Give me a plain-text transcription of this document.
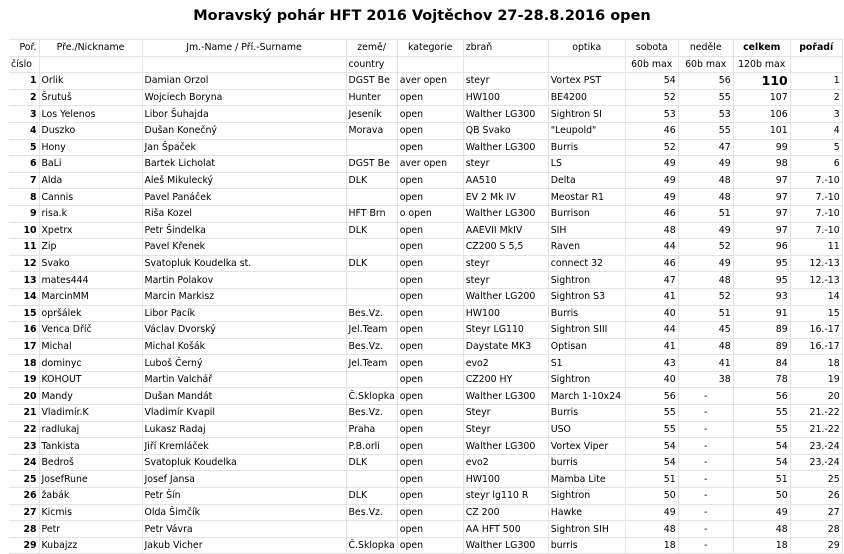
Moravský pohár HFT 2016 Vojtěchov 27-28.8.2016 open
Poř.	Pře./Nickname	Jm.-Name / Pří.-Surname	země/	kategorie	zbraň	optika	sobota	neděle	celkem	pořadí
číslo			country				60b max	60b max	120b max	
1	Orlik	Damian Orzol	DGST Be	aver open	steyr	Vortex PST	54	56	110	1
2	Šrutuš	Wojciech Boryna	Hunter	open	HW100	BE4200	52	55	107	2
3	Los Yelenos	Libor Šuhajda	Jeseník	open	Walther LG300	Sightron SI	53	53	106	3
4	Duszko	Dušan Konečný	Morava	open	QB Svako	"Leupold"	46	55	101	4
5	Hony	Jan Špaček		open	Walther LG300	Burris	52	47	99	5
6	BaLi	Bartek Licholat	DGST Be	aver open	steyr	LS	49	49	98	6
7	Alda	Aleš Mikulecký	DLK	open	AA510	Delta	49	48	97	7.-10
8	Cannis	Pavel Panáček		open	EV 2 Mk IV	Meostar R1	49	48	97	7.-10
9	risa.k	Riša Kozel	HFT Brn	o open	Walther LG300	Burrison	46	51	97	7.-10
10	Xpetrx	Petr Šindelka	DLK	open	AAEVII MkIV	SIH	48	49	97	7.-10
11	Zip	Pavel Křenek		open	CZ200 S 5,5	Raven	44	52	96	11
12	Svako	Svatopluk Koudelka st.	DLK	open	steyr	connect 32	46	49	95	12.-13
13	mates444	Martin Polakov		open	steyr	Sightron	47	48	95	12.-13
14	MarcinMM	Marcin Markisz		open	Walther LG200	Sightron S3	41	52	93	14
15	opršálek	Libor Pacík	Bes.Vz.	open	HW100	Burris	40	51	91	15
16	Venca Dříč	Václav Dvorský	Jel.Team	open	Steyr LG110	Sightron SIII	44	45	89	16.-17
17	Michal	Michal Košák	Bes.Vz.	open	Daystate MK3	Optisan	41	48	89	16.-17
18	dominyc	Luboš Černý	Jel.Team	open	evo2	S1	43	41	84	18
19	KOHOUT	Martin Valchář		open	CZ200 HY	Sightron	40	38	78	19
20	Mandy	Dušan Mandát	Č.Sklopka	open	Walther LG300	March 1-10x24	56	-	56	20
21	Vladimír.K	Vladimír Kvapil	Bes.Vz.	open	Steyr	Burris	55	-	55	21.-22
22	radlukaj	Lukasz Radaj	Praha	open	Steyr	USO	55	-	55	21.-22
23	Tankista	Jiří Kremláček	P.B.orli	open	Walther LG300	Vortex Viper	54	-	54	23.-24
24	Bedroš	Svatopluk Koudelka	DLK	open	evo2	burris	54	-	54	23.-24
25	JosefRune	Josef Jansa		open	HW100	Mamba Lite	51	-	51	25
26	žabák	Petr Šín	DLK	open	steyr lg110 R	Sightron	50	-	50	26
27	Kicmis	Olda Šimčík	Bes.Vz.	open	CZ 200	Hawke	49	-	49	27
28	Petr	Petr Vávra		open	AA HFT 500	Sightron SIH	48	-	48	28
29	Kubajzz	Jakub Vicher	Č.Sklopka	open	Walther LG300	burris	18	-	18	29
